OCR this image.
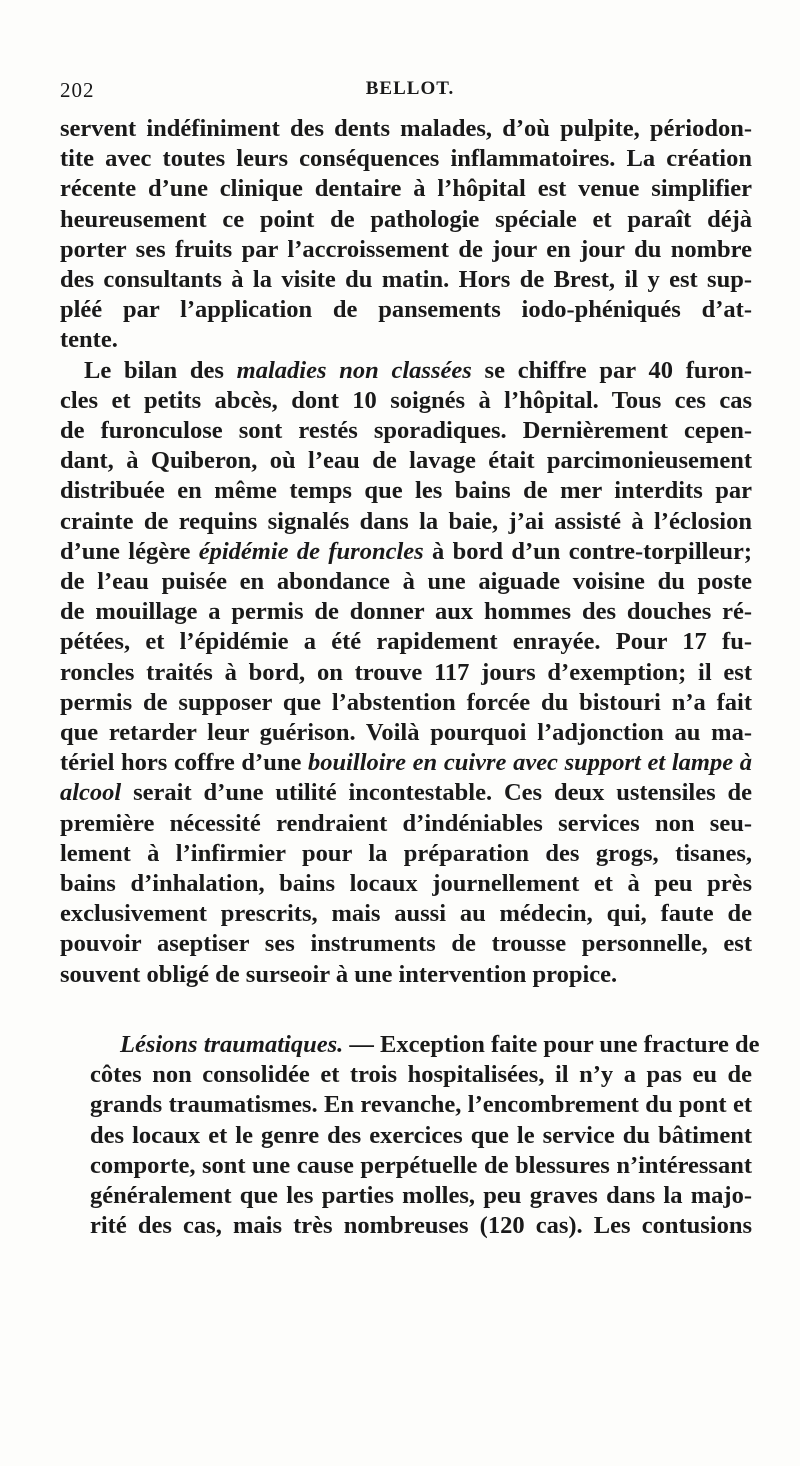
202	BELLOT.

servent indéfiniment des dents malades, d’où pulpite, périodon-
tite avec toutes leurs conséquences inflammatoires. La création
récente d’une clinique dentaire à l’hôpital est venue simplifier
heureusement ce point de pathologie spéciale et paraît déjà
porter ses fruits par l’accroissement de jour en jour du nombre
des consultants à la visite du matin. Hors de Brest, il y est sup-
pléé par l’application de pansements iodo-phéniqués d’at-
tente.

Le bilan des maladies non classées se chiffre par 40 furon-
cles et petits abcès, dont 10 soignés à l’hôpital. Tous ces cas
de furonculose sont restés sporadiques. Dernièrement cepen-
dant, à Quiberon, où l’eau de lavage était parcimonieusement
distribuée en même temps que les bains de mer interdits par
crainte de requins signalés dans la baie, j’ai assisté à l’éclosion
d’une légère épidémie de furoncles à bord d’un contre-torpilleur;
de l’eau puisée en abondance à une aiguade voisine du poste
de mouillage a permis de donner aux hommes des douches ré-
pétées, et l’épidémie a été rapidement enrayée. Pour 17 fu-
roncles traités à bord, on trouve 117 jours d’exemption; il est
permis de supposer que l’abstention forcée du bistouri n’a fait
que retarder leur guérison. Voilà pourquoi l’adjonction au ma-
tériel hors coffre d’une bouilloire en cuivre avec support et lampe à
alcool serait d’une utilité incontestable. Ces deux ustensiles de
première nécessité rendraient d’indéniables services non seu-
lement à l’infirmier pour la préparation des grogs, tisanes,
bains d’inhalation, bains locaux journellement et à peu près
exclusivement prescrits, mais aussi au médecin, qui, faute de
pouvoir aseptiser ses instruments de trousse personnelle, est
souvent obligé de surseoir à une intervention propice.

Lésions traumatiques. — Exception faite pour une fracture de
côtes non consolidée et trois hospitalisées, il n’y a pas eu de
grands traumatismes. En revanche, l’encombrement du pont et
des locaux et le genre des exercices que le service du bâtiment
comporte, sont une cause perpétuelle de blessures n’intéressant
généralement que les parties molles, peu graves dans la majo-
rité des cas, mais très nombreuses (120 cas). Les contusions
